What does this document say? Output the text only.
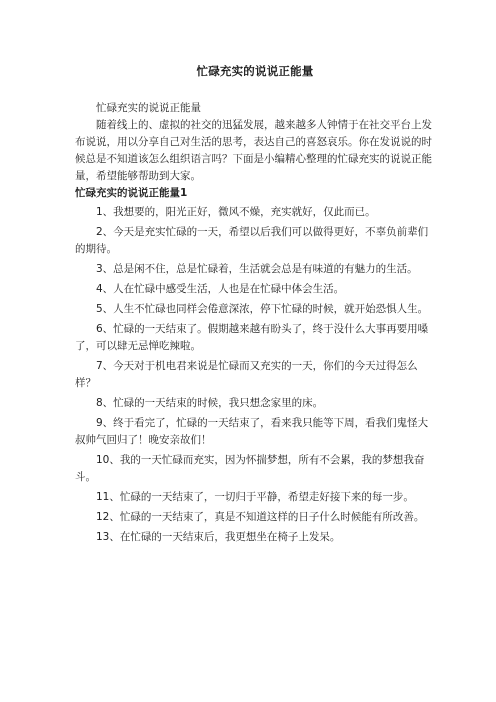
忙碌充实的说说正能量

忙碌充实的说说正能量

随着线上的、虚拟的社交的迅猛发展，越来越多人钟情于在社交平台上发布说说，用以分享自己对生活的思考，表达自己的喜怒哀乐。你在发说说的时候总是不知道该怎么组织语言吗？下面是小编精心整理的忙碌充实的说说正能量，希望能够帮助到大家。

忙碌充实的说说正能量1

1、我想要的，阳光正好，微风不燥，充实就好，仅此而已。

2、今天是充实忙碌的一天，希望以后我们可以做得更好，不辜负前辈们的期待。

3、总是闲不住，总是忙碌着，生活就会总是有味道的有魅力的生活。

4、人在忙碌中感受生活，人也是在忙碌中体会生活。

5、人生不忙碌也同样会倦意深浓，停下忙碌的时候，就开始恐惧人生。

6、忙碌的一天结束了。假期越来越有盼头了，终于没什么大事再要用嗓了，可以肆无忌惮吃辣啦。

7、今天对于机电君来说是忙碌而又充实的一天，你们的今天过得怎么样？

8、忙碌的一天结束的时候，我只想念家里的床。

9、终于看完了，忙碌的一天结束了，看来我只能等下周，看我们鬼怪大叔帅气回归了！晚安亲故们！

10、我的一天忙碌而充实，因为怀揣梦想，所有不会累，我的梦想我奋斗。

11、忙碌的一天结束了，一切归于平静，希望走好接下来的每一步。

12、忙碌的一天结束了，真是不知道这样的日子什么时候能有所改善。

13、在忙碌的一天结束后，我更想坐在椅子上发呆。
